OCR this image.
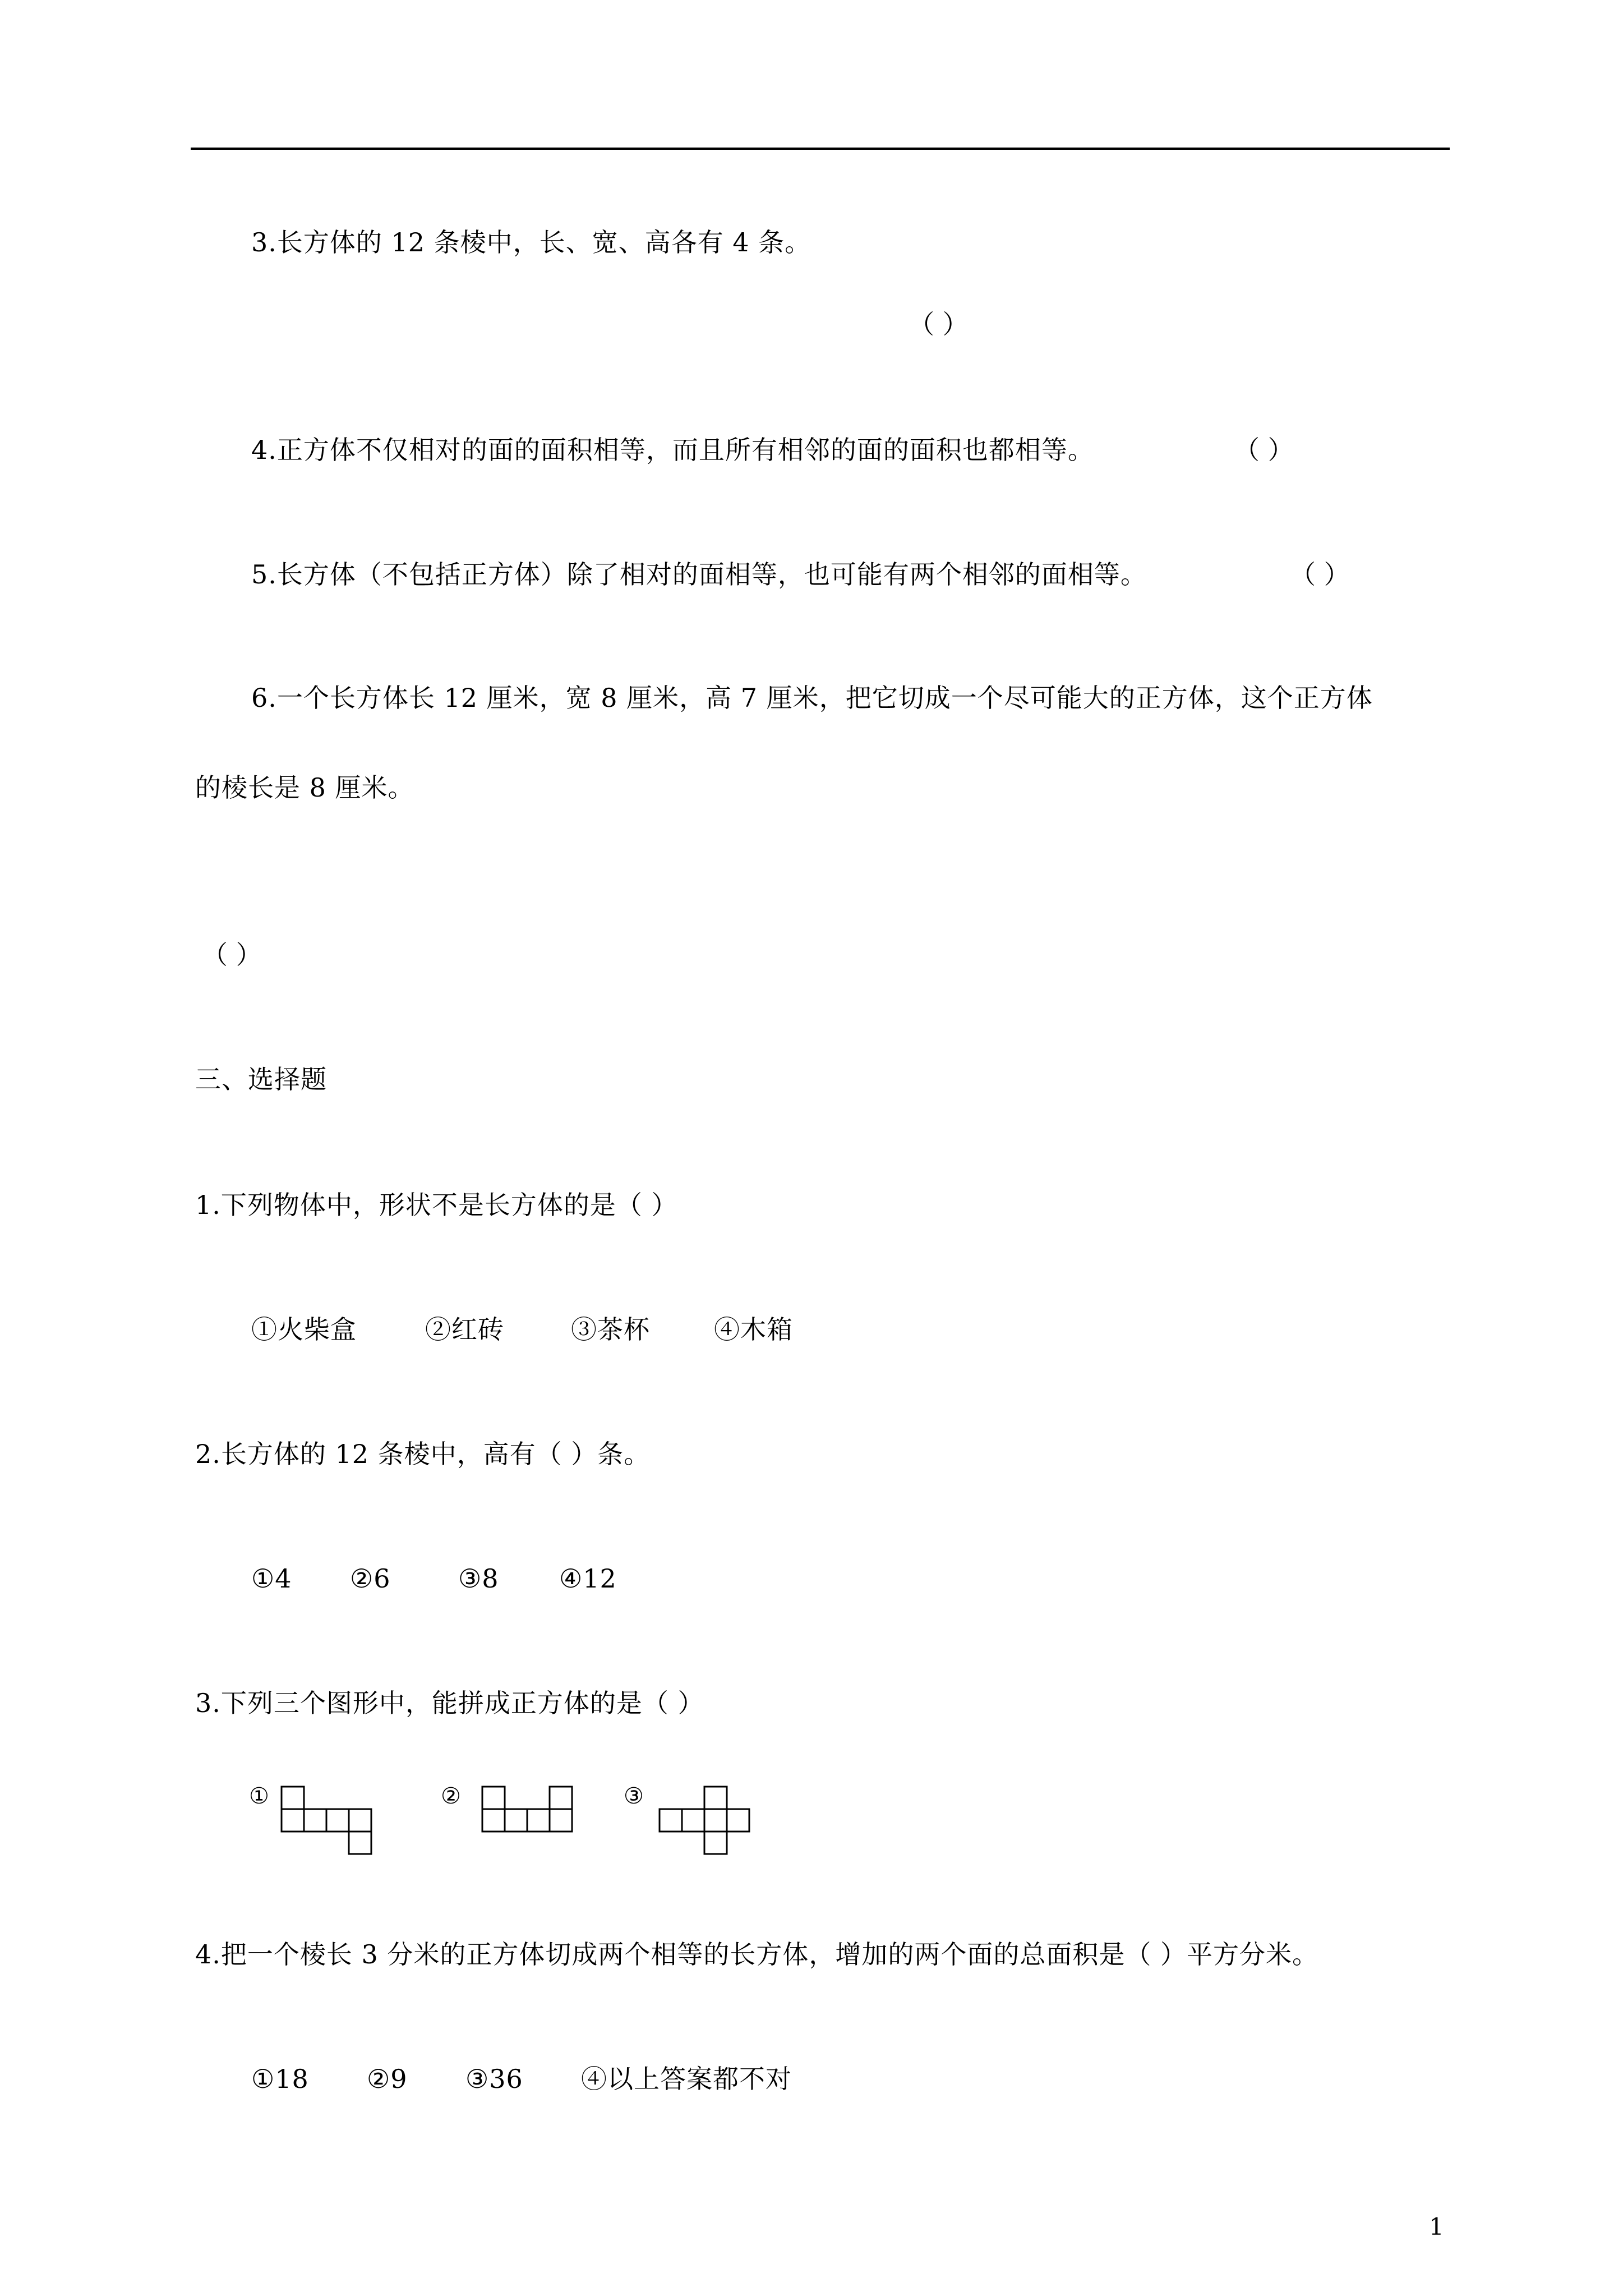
3.长方体的 12 条棱中，长、宽、高各有 4 条。
（ ）
4.正方体不仅相对的面的面积相等，而且所有相邻的面的面积也都相等。	（ ）
5.长方体（不包括正方体）除了相对的面相等，也可能有两个相邻的面相等。	（ ）
6.一个长方体长 12 厘米，宽 8 厘米，高 7 厘米，把它切成一个尽可能大的正方体，这个正方体
的棱长是 8 厘米。
（ ）
三、选择题
1.下列物体中，形状不是长方体的是（ ）
①火柴盒	②红砖	③茶杯 ④木箱
2.长方体的 12 条棱中，高有（ ）条。
①4 ②6	③8 ④12
3.下列三个图形中，能拼成正方体的是（ ）
①	②	③
4.把一个棱长 3 分米的正方体切成两个相等的长方体，增加的两个面的总面积是（ ）平方分米。
①18 ②9 ③36 ④以上答案都不对
1
